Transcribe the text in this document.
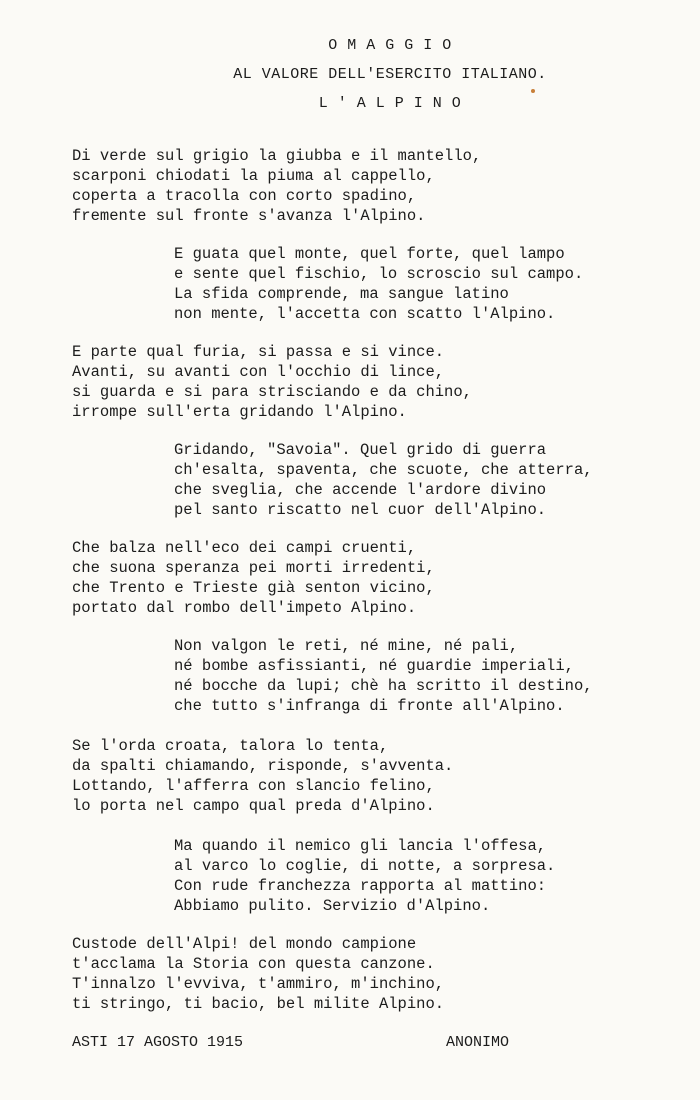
O M A G G I O
AL VALORE DELL'ESERCITO ITALIANO.
L ' A L P I N O
Di verde sul grigio la giubba e il mantello,
scarponi chiodati la piuma al cappello,
coperta a tracolla con corto spadino,
fremente sul fronte s'avanza l'Alpino.
E guata quel monte, quel forte, quel lampo
e sente quel fischio, lo scroscio sul campo.
La sfida comprende, ma sangue latino
non mente, l'accetta con scatto l'Alpino.
E parte qual furia, si passa e si vince.
Avanti, su avanti con l'occhio di lince,
si guarda e si para strisciando e da chino,
irrompe sull'erta gridando l'Alpino.
Gridando, "Savoia". Quel grido di guerra
ch'esalta, spaventa, che scuote, che atterra,
che sveglia, che accende l'ardore divino
pel santo riscatto nel cuor dell'Alpino.
Che balza nell'eco dei campi cruenti,
che suona speranza pei morti irredenti,
che Trento e Trieste già senton vicino,
portato dal rombo dell'impeto Alpino.
Non valgon le reti, né mine, né pali,
né bombe asfissianti, né guardie imperiali,
né bocche da lupi; chè ha scritto il destino,
che tutto s'infranga di fronte all'Alpino.
Se l'orda croata, talora lo tenta,
da spalti chiamando, risponde, s'avventa.
Lottando, l'afferra con slancio felino,
lo porta nel campo qual preda d'Alpino.
Ma quando il nemico gli lancia l'offesa,
al varco lo coglie, di notte, a sorpresa.
Con rude franchezza rapporta al mattino:
Abbiamo pulito. Servizio d'Alpino.
Custode dell'Alpi! del mondo campione
t'acclama la Storia con questa canzone.
T'innalzo l'evviva, t'ammiro, m'inchino,
ti stringo, ti bacio, bel milite Alpino.
ASTI 17 AGOSTO 1915	ANONIMO
